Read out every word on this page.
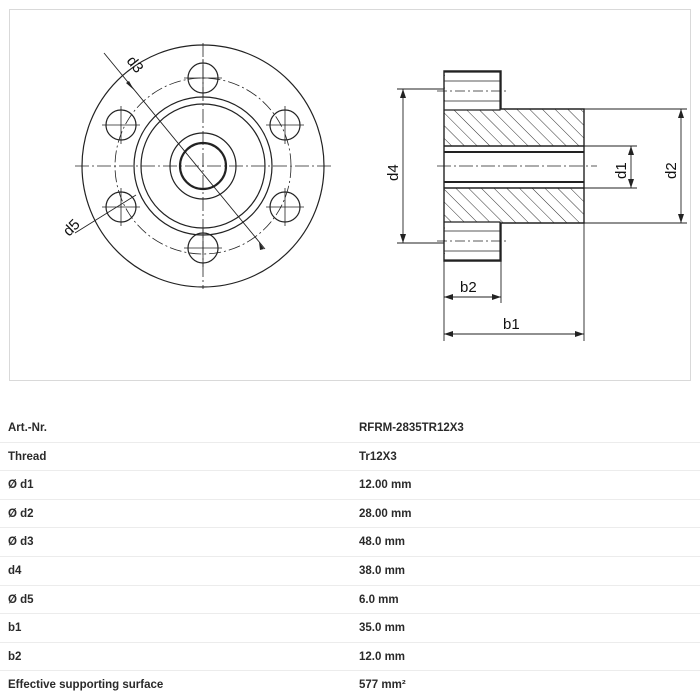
d3
d5
d4	d1 d2
b2
b1
Art.-Nr.	RFRM-2835TR12X3
Thread	Tr12X3
Ø d1	12.00 mm
Ø d2	28.00 mm
Ø d3	48.0 mm
d4	38.0 mm
Ø d5	6.0 mm
b1	35.0 mm
b2	12.0 mm
Effective supporting surface	577 mm²
